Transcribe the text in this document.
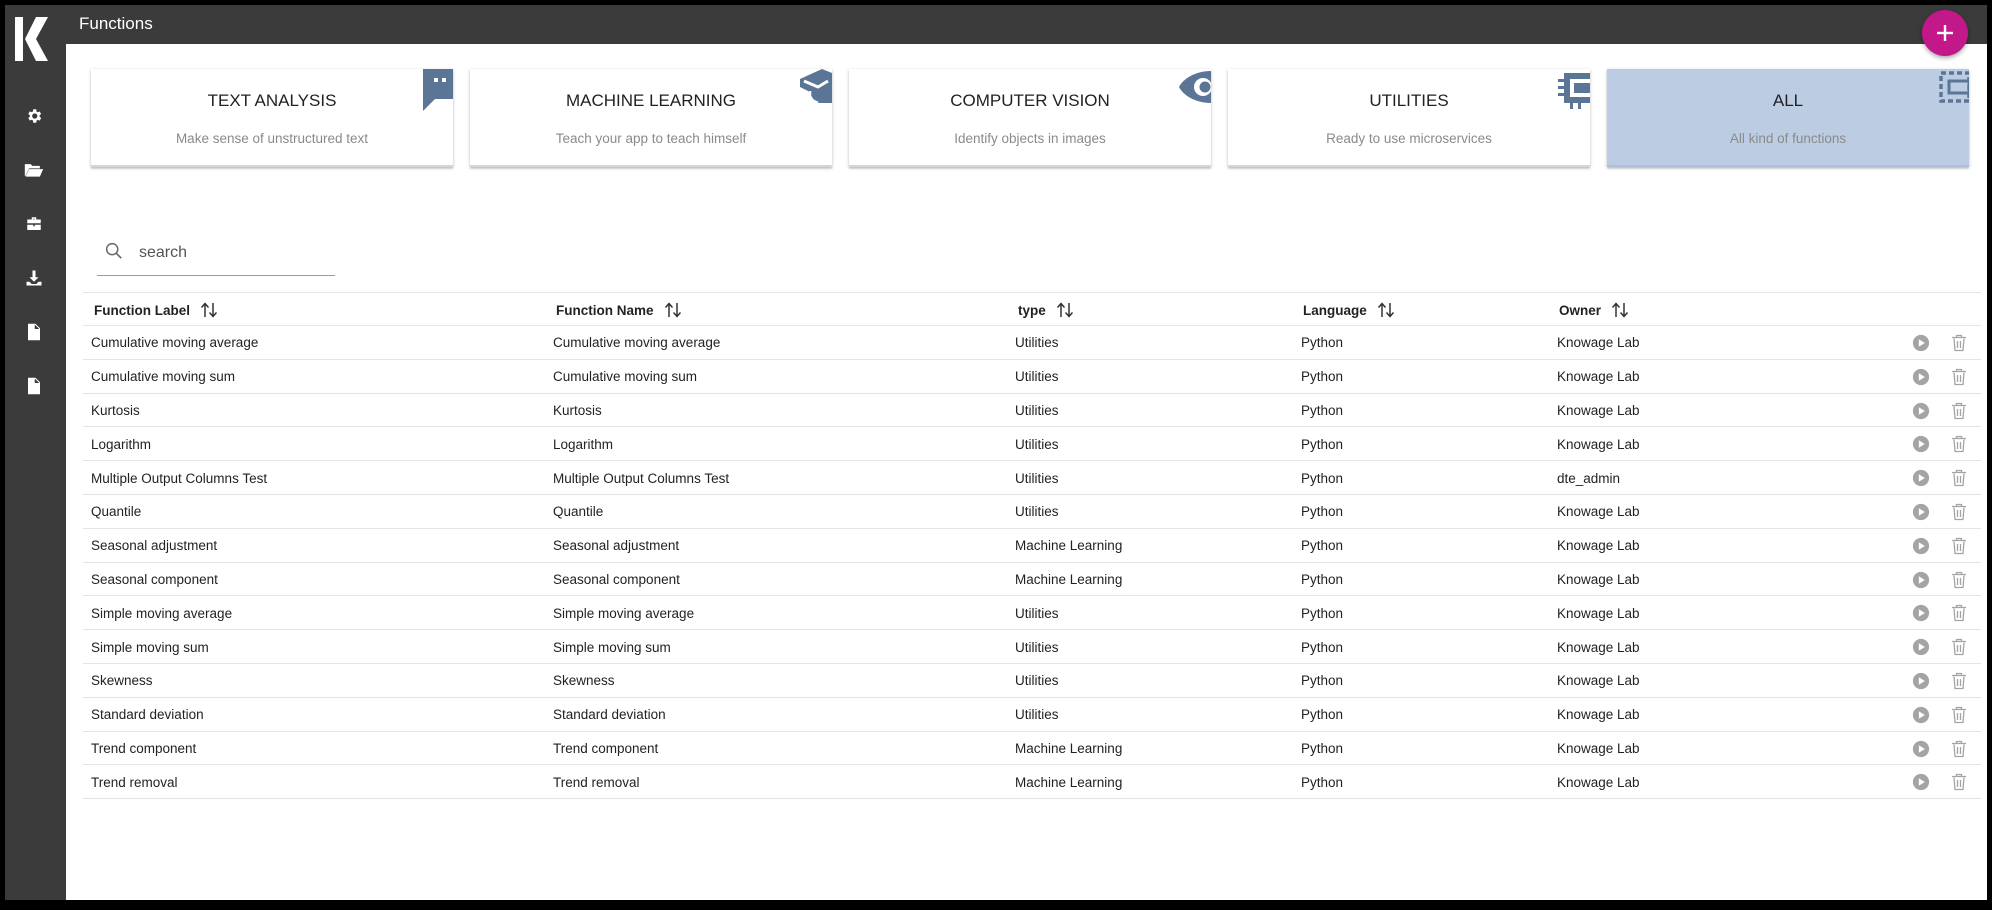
Functions
TEXT ANALYSIS
Make sense of unstructured text
MACHINE LEARNING
Teach your app to teach himself
COMPUTER VISION
Identify objects in images
UTILITIES
Ready to use microservices
ALL
All kind of functions
search
Function Label	Function Name	type	Language	Owner
Cumulative moving average	Cumulative moving average	Utilities	Python	Knowage Lab
Cumulative moving sum	Cumulative moving sum	Utilities	Python	Knowage Lab
Kurtosis	Kurtosis	Utilities	Python	Knowage Lab
Logarithm	Logarithm	Utilities	Python	Knowage Lab
Multiple Output Columns Test	Multiple Output Columns Test	Utilities	Python	dte_admin
Quantile	Quantile	Utilities	Python	Knowage Lab
Seasonal adjustment	Seasonal adjustment	Machine Learning	Python	Knowage Lab
Seasonal component	Seasonal component	Machine Learning	Python	Knowage Lab
Simple moving average	Simple moving average	Utilities	Python	Knowage Lab
Simple moving sum	Simple moving sum	Utilities	Python	Knowage Lab
Skewness	Skewness	Utilities	Python	Knowage Lab
Standard deviation	Standard deviation	Utilities	Python	Knowage Lab
Trend component	Trend component	Machine Learning	Python	Knowage Lab
Trend removal	Trend removal	Machine Learning	Python	Knowage Lab
